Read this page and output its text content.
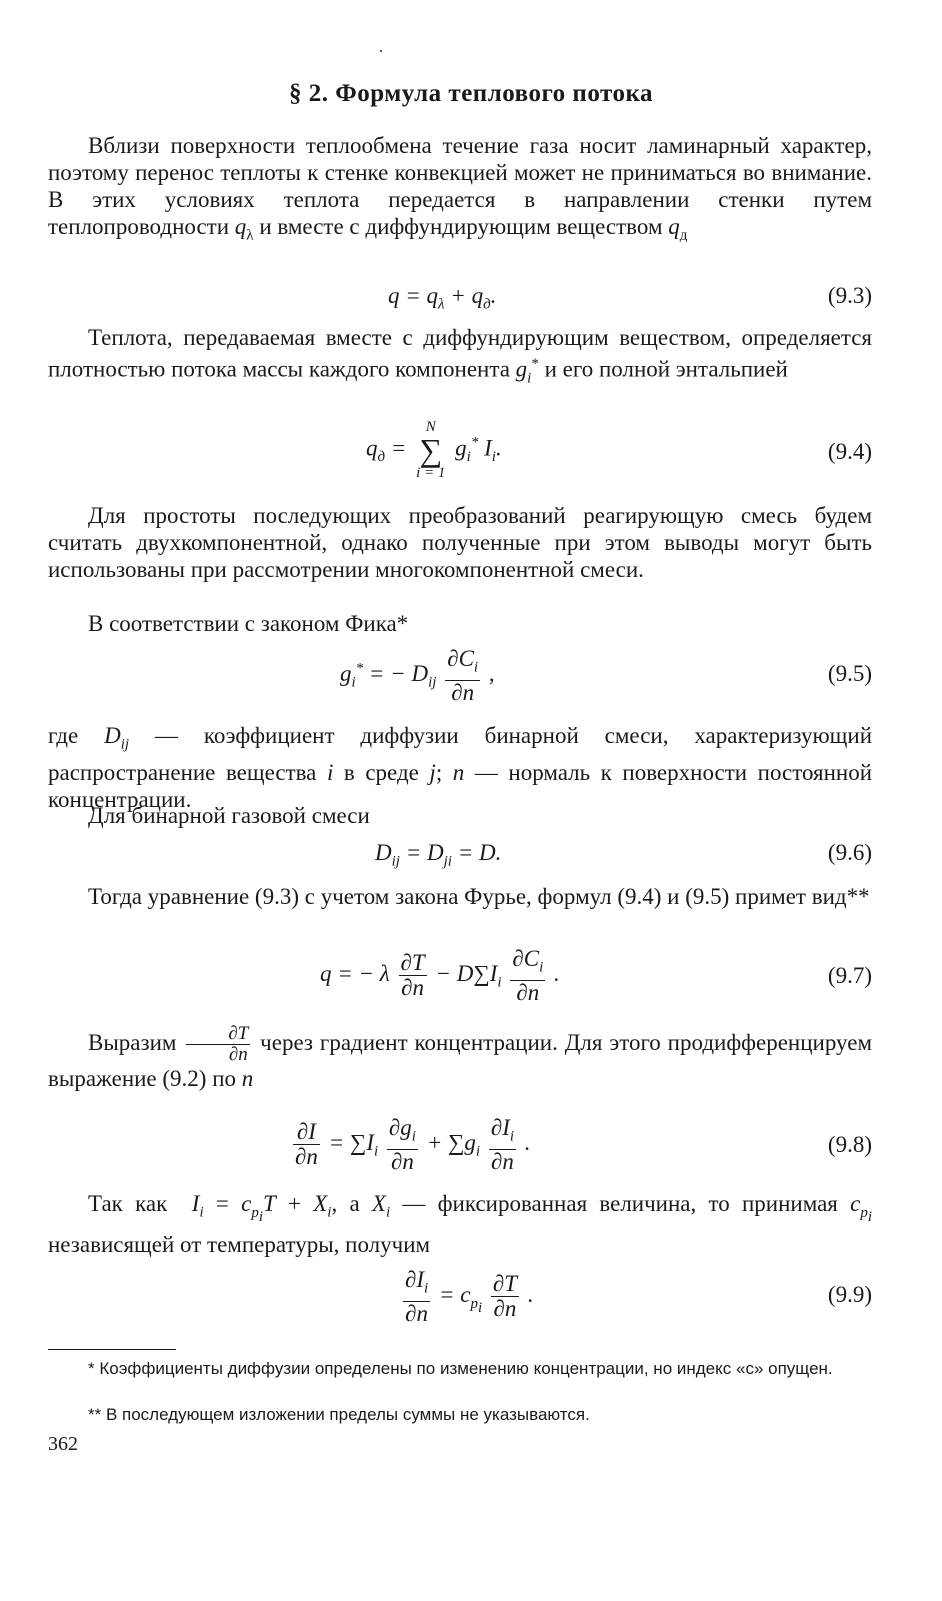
§ 2. Формула теплового потока

Вблизи поверхности теплообмена течение газа носит ламинарный характер, поэтому перенос теплоты к стенке конвекцией может не приниматься во внимание. В этих условиях теплота передается в направлении стенки путем теплопроводности $q_\lambda$ и вместе с диффундирующим веществом $q_д$

$q = q_\lambda + q_д$.	(9.3)

Теплота, передаваемая вместе с диффундирующим веществом, определяется плотностью потока массы каждого компонента $g_i^*$ и его полной энтальпией

$q_д$ =
N
∑
i = 1
$g_i^*$ $I_i$.	(9.4)

Для простоты последующих преобразований реагирующую смесь будем считать двухкомпонентной, однако полученные при этом выводы могут быть использованы при рассмотрении многокомпонентной смеси.

В соответствии с законом Фика*

$g_i^*$ = − $D_{ij} \frac{\partial C_i}{\partial n}$ ,	(9.5)

где $D_{ij}$ — коэффициент диффузии бинарной смеси, характеризующий распространение вещества i в среде j; n — нормаль к поверхности постоянной концентрации.

Для бинарной газовой смеси

$D_{ij} = D_{ji} = D$.	(9.6)

Тогда уравнение (9.3) с учетом закона Фурье, формул (9.4) и (9.5) примет вид**

q = − λ $\frac{\partial T}{\partial n} - D\sum I_i \frac{\partial C_i}{\partial n}$ .	(9.7)

Выразим $\frac{\partial T}{\partial n}$ через градиент концентрации. Для этого продифференцируем выражение (9.2) по n

$\frac{\partial I}{\partial n} = \sum I_i \frac{\partial g_i}{\partial n} + \sum g_i \frac{\partial I_i}{\partial n}$ .	(9.8)

Так как $I_i = c_{p_i}T + X_i$, а $X_i$ — фиксированная величина, то принимая $c_{p_i}$ независящей от температуры, получим

$\frac{\partial I_i}{\partial n} = c_{p_i} \frac{\partial T}{\partial n}$ .	(9.9)

* Коэффициенты диффузии определены по изменению концентрации, но индекс «c» опущен.

** В последующем изложении пределы суммы не указываются.

362
